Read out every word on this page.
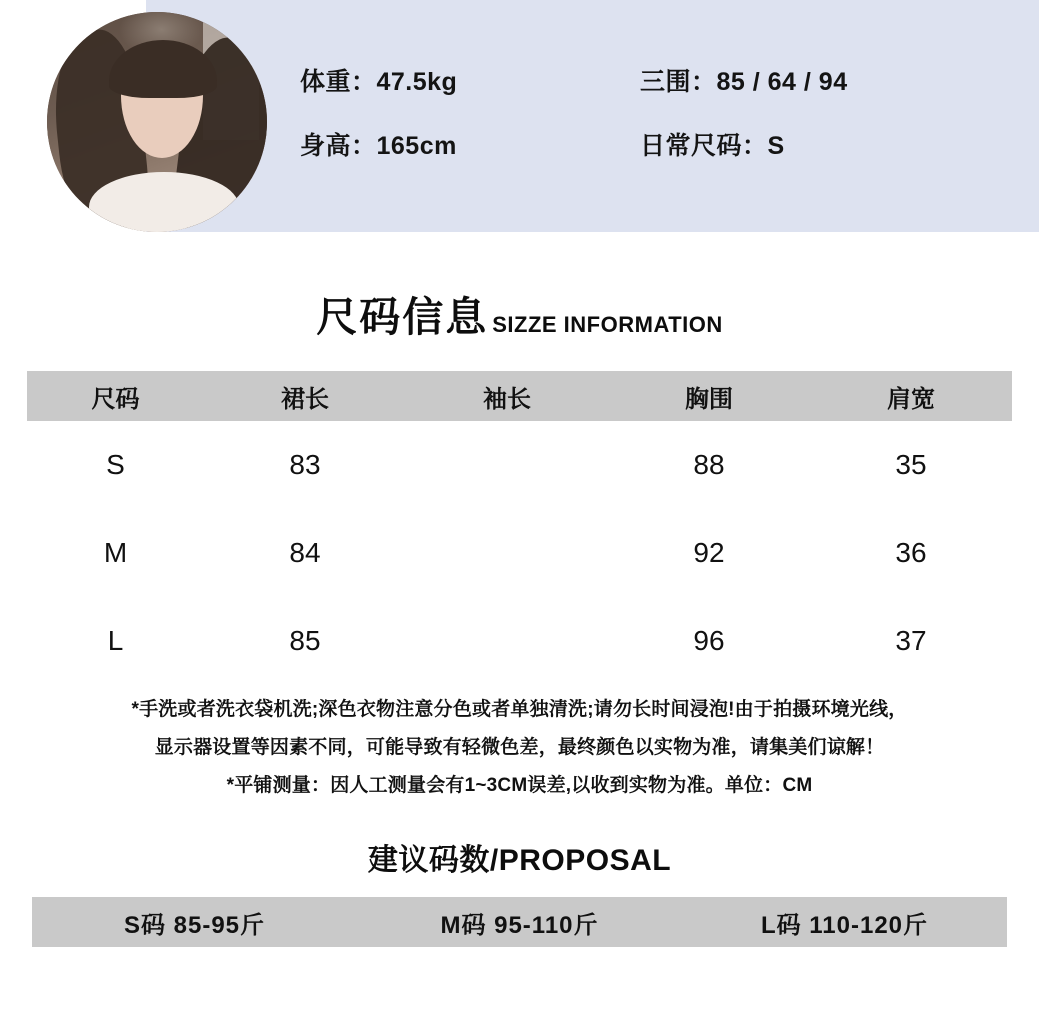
体重：47.5kg	三围：85 / 64 / 94
身高：165cm	日常尺码：S
尺码信息 SIZZE INFORMATION
尺码	裙长	袖长	胸围	肩宽
S	83		88	35
M	84		92	36
L	85		96	37
*手洗或者洗衣袋机洗;深色衣物注意分色或者单独清洗;请勿长时间浸泡!由于拍摄环境光线，
显示器设置等因素不同，可能导致有轻微色差，最终颜色以实物为准，请集美们谅解！
*平铺测量：因人工测量会有1~3CM误差,以收到实物为准。单位：CM
建议码数/PROPOSAL
S码 85-95斤	M码 95-110斤	L码 110-120斤
